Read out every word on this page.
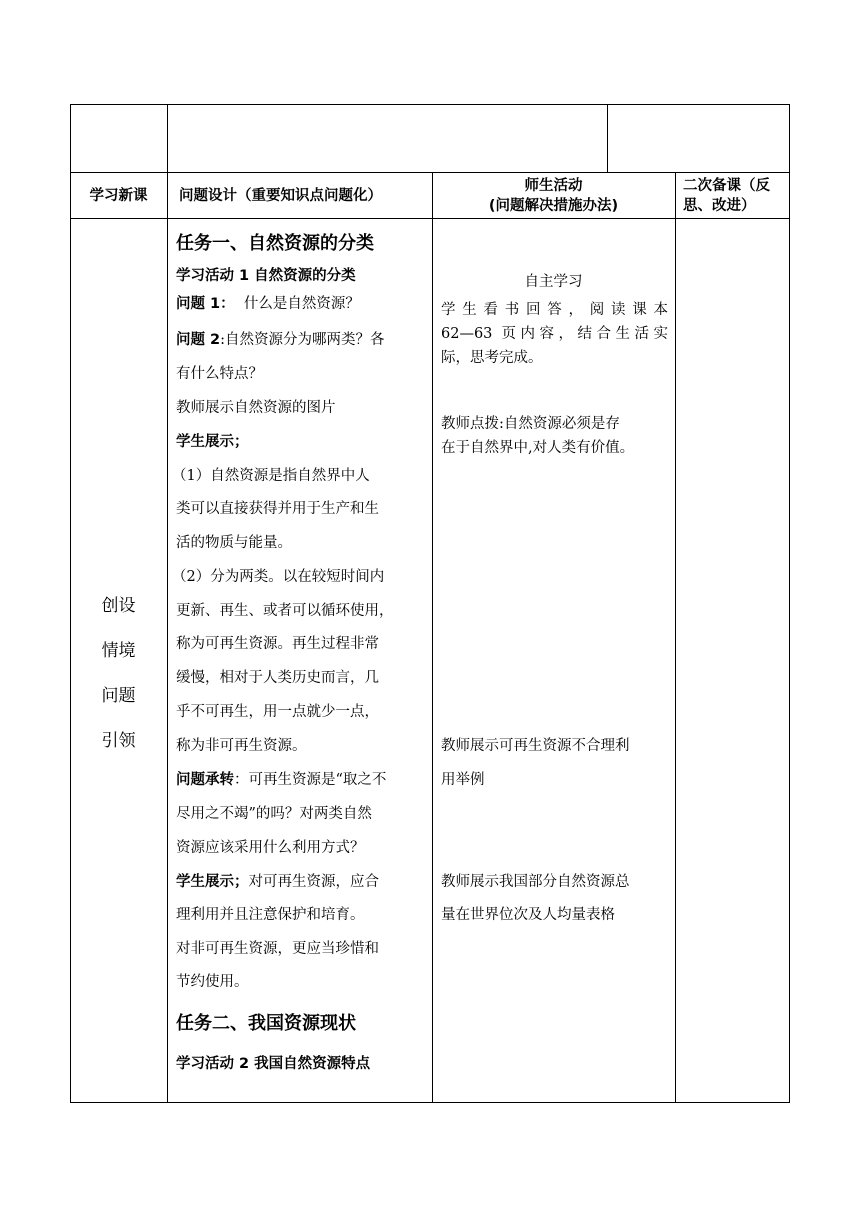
学习新课	问题设计（重要知识点问题化）
师生活动
(问题解决措施办法)
二次备课（反
思、改进）
创设
情境
问题
引领
任务一、自然资源的分类
学习活动 1 自然资源的分类
问题 1： 什么是自然资源？
问题 2:自然资源分为哪两类？各
有什么特点？
教师展示自然资源的图片
学生展示；
（1）自然资源是指自然界中人
类可以直接获得并用于生产和生
活的物质与能量。
（2）分为两类。以在较短时间内
更新、再生、或者可以循环使用，
称为可再生资源。再生过程非常
缓慢，相对于人类历史而言，几
乎不可再生，用一点就少一点，
称为非可再生资源。
问题承转：可再生资源是“取之不
尽用之不竭”的吗？对两类自然
资源应该采用什么利用方式？
学生展示；对可再生资源，应合
理利用并且注意保护和培育。
对非可再生资源，更应当珍惜和
节约使用。
任务二、我国资源现状
学习活动 2 我国自然资源特点
自主学习
学生看书回答，阅读课本
62—63 页内容，结合生活实
际，思考完成。
教师点拨:自然资源必须是存
在于自然界中,对人类有价值。
教师展示可再生资源不合理利
用举例
教师展示我国部分自然资源总
量在世界位次及人均量表格
